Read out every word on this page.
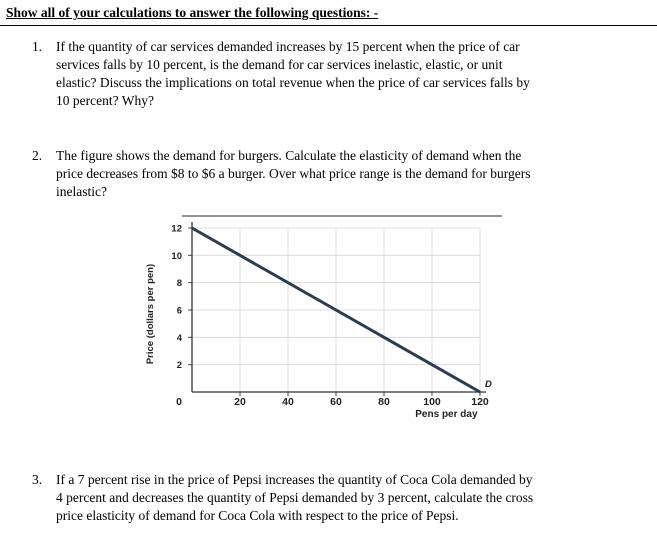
Show all of your calculations to answer the following questions: -
1. If the quantity of car services demanded increases by 15 percent when the price of car
services falls by 10 percent, is the demand for car services inelastic, elastic, or unit
elastic? Discuss the implications on total revenue when the price of car services falls by
10 percent? Why?
2. The figure shows the demand for burgers. Calculate the elasticity of demand when the
price decreases from $8 to $6 a burger. Over what price range is the demand for burgers
inelastic?
Price (dollars per pen)
12
10
8
6
4
2
20	40	60	80	100	120
0
D
Pens per day
3. If a 7 percent rise in the price of Pepsi increases the quantity of Coca Cola demanded by
4 percent and decreases the quantity of Pepsi demanded by 3 percent, calculate the cross
price elasticity of demand for Coca Cola with respect to the price of Pepsi.
